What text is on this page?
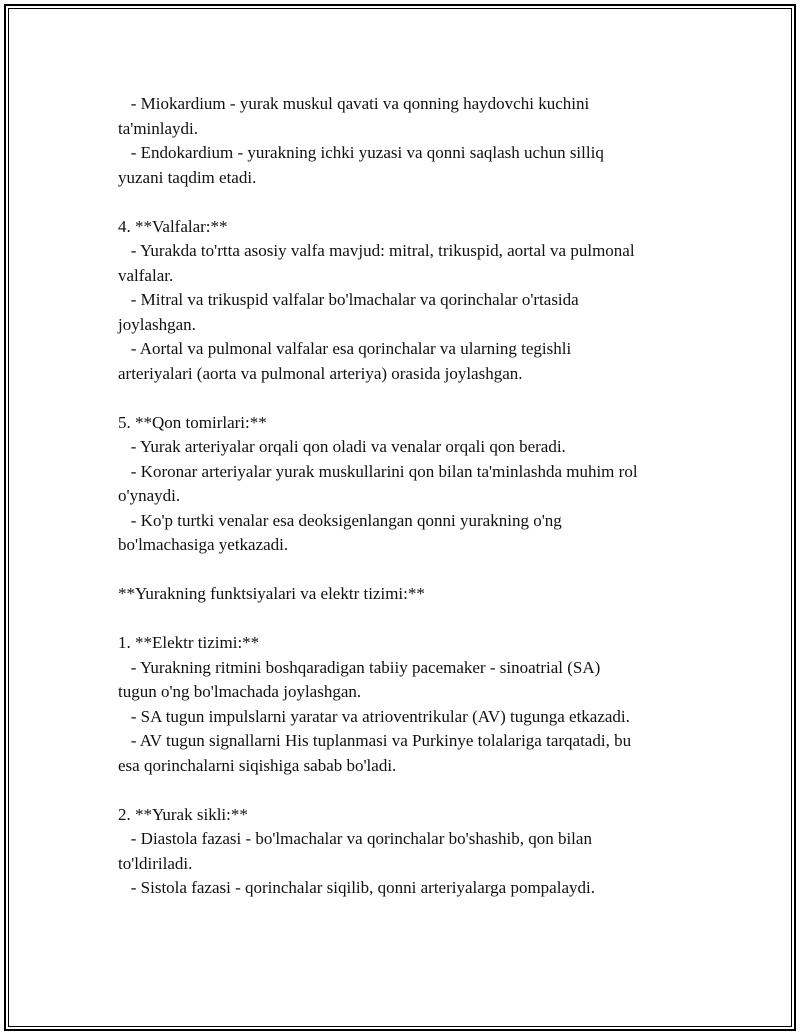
- Miokardium - yurak muskul qavati va qonning haydovchi kuchini
ta'minlaydi.
- Endokardium - yurakning ichki yuzasi va qonni saqlash uchun silliq
yuzani taqdim etadi.
4. **Valfalar:**
- Yurakda to'rtta asosiy valfa mavjud: mitral, trikuspid, aortal va pulmonal
valfalar.
- Mitral va trikuspid valfalar bo'lmachalar va qorinchalar o'rtasida
joylashgan.
- Aortal va pulmonal valfalar esa qorinchalar va ularning tegishli
arteriyalari (aorta va pulmonal arteriya) orasida joylashgan.
5. **Qon tomirlari:**
- Yurak arteriyalar orqali qon oladi va venalar orqali qon beradi.
- Koronar arteriyalar yurak muskullarini qon bilan ta'minlashda muhim rol
o'ynaydi.
- Ko'p turtki venalar esa deoksigenlangan qonni yurakning o'ng
bo'lmachasiga yetkazadi.
**Yurakning funktsiyalari va elektr tizimi:**
1. **Elektr tizimi:**
- Yurakning ritmini boshqaradigan tabiiy pacemaker - sinoatrial (SA)
tugun o'ng bo'lmachada joylashgan.
- SA tugun impulslarni yaratar va atrioventrikular (AV) tugunga etkazadi.
- AV tugun signallarni His tuplanmasi va Purkinye tolalariga tarqatadi, bu
esa qorinchalarni siqishiga sabab bo'ladi.
2. **Yurak sikli:**
- Diastola fazasi - bo'lmachalar va qorinchalar bo'shashib, qon bilan
to'ldiriladi.
- Sistola fazasi - qorinchalar siqilib, qonni arteriyalarga pompalaydi.
